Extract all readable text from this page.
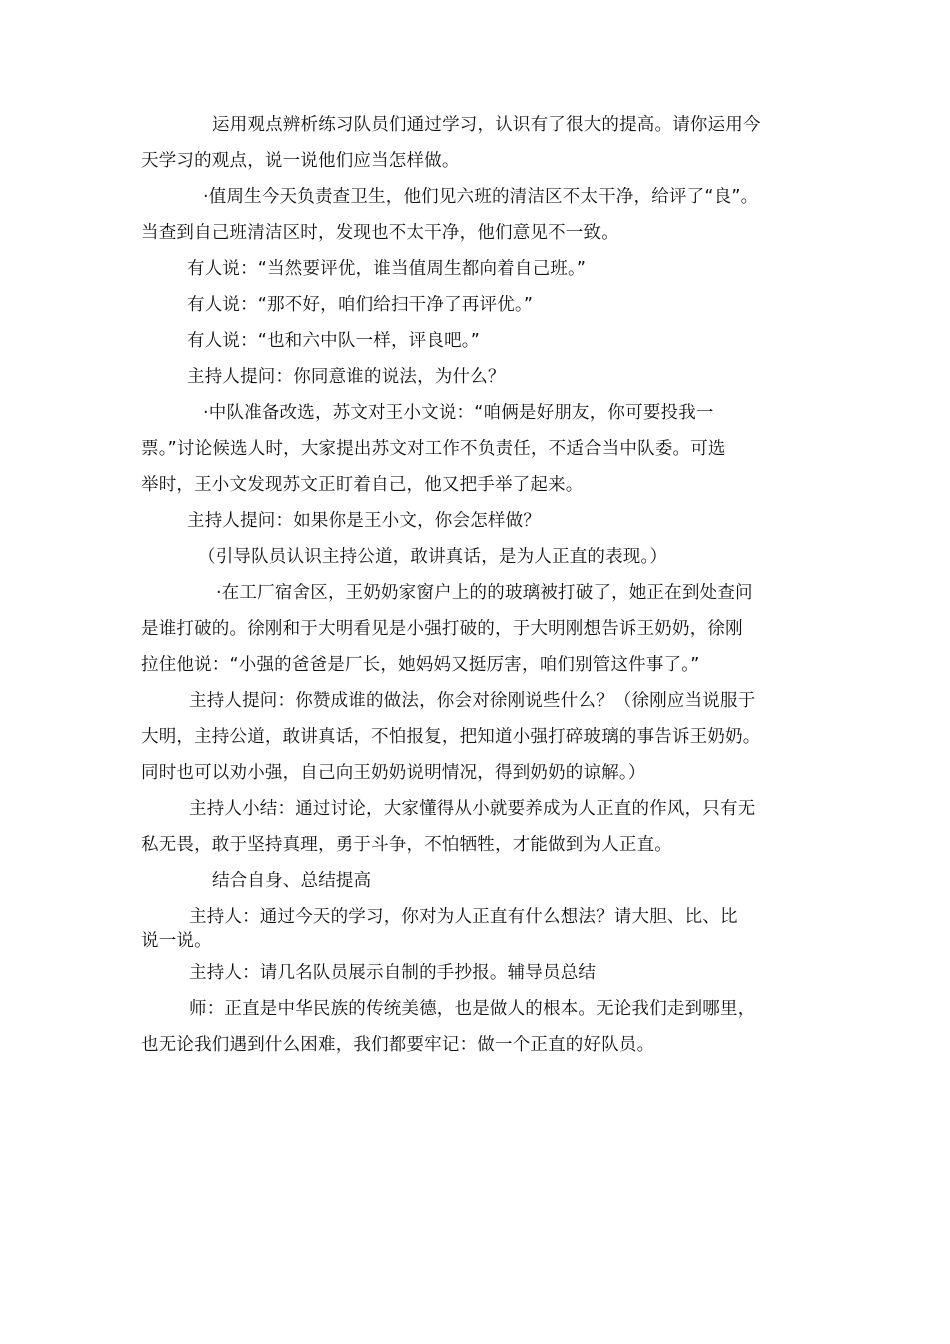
运用观点辨析练习队员们通过学习，认识有了很大的提高。请你运用今
天学习的观点，说一说他们应当怎样做。
·值周生今天负责查卫生，他们见六班的清洁区不太干净，给评了“良”。
当查到自己班清洁区时，发现也不太干净，他们意见不一致。
有人说：“当然要评优，谁当值周生都向着自己班。”
有人说：“那不好，咱们给扫干净了再评优。”
有人说：“也和六中队一样，评良吧。”
主持人提问：你同意谁的说法，为什么？
·中队准备改选，苏文对王小文说：“咱俩是好朋友，你可要投我一
票。”讨论候选人时，大家提出苏文对工作不负责任，不适合当中队委。可选
举时，王小文发现苏文正盯着自己，他又把手举了起来。
主持人提问：如果你是王小文，你会怎样做？
（引导队员认识主持公道，敢讲真话，是为人正直的表现。）
·在工厂宿舍区，王奶奶家窗户上的的玻璃被打破了，她正在到处查问
是谁打破的。徐刚和于大明看见是小强打破的，于大明刚想告诉王奶奶，徐刚
拉住他说：“小强的爸爸是厂长，她妈妈又挺厉害，咱们别管这件事了。”
主持人提问：你赞成谁的做法，你会对徐刚说些什么？（徐刚应当说服于
大明，主持公道，敢讲真话，不怕报复，把知道小强打碎玻璃的事告诉王奶奶。
同时也可以劝小强，自己向王奶奶说明情况，得到奶奶的谅解。）
主持人小结：通过讨论，大家懂得从小就要养成为人正直的作风，只有无
私无畏，敢于坚持真理，勇于斗争，不怕牺牲，才能做到为人正直。
结合自身、总结提高
主持人：通过今天的学习，你对为人正直有什么想法？请大胆、比、比
说一说。
主持人：请几名队员展示自制的手抄报。辅导员总结
师：正直是中华民族的传统美德，也是做人的根本。无论我们走到哪里，
也无论我们遇到什么困难，我们都要牢记：做一个正直的好队员。
